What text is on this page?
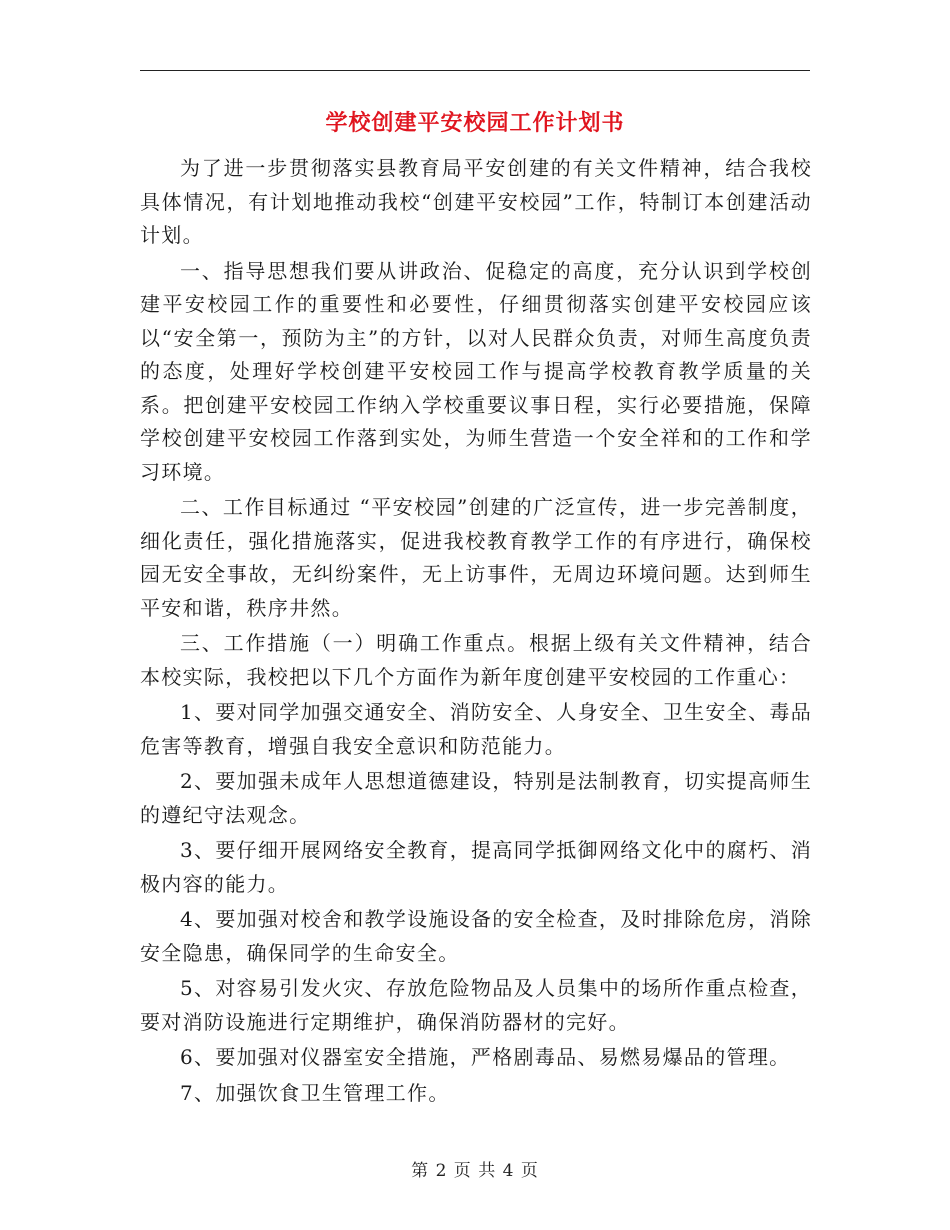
学校创建平安校园工作计划书

为了进一步贯彻落实县教育局平安创建的有关文件精神，结合我校具体情况，有计划地推动我校“创建平安校园”工作，特制订本创建活动计划。

一、指导思想我们要从讲政治、促稳定的高度，充分认识到学校创建平安校园工作的重要性和必要性，仔细贯彻落实创建平安校园应该以“安全第一，预防为主”的方针，以对人民群众负责，对师生高度负责的态度，处理好学校创建平安校园工作与提高学校教育教学质量的关系。把创建平安校园工作纳入学校重要议事日程，实行必要措施，保障学校创建平安校园工作落到实处，为师生营造一个安全祥和的工作和学习环境。

二、工作目标通过 “平安校园”创建的广泛宣传，进一步完善制度，细化责任，强化措施落实，促进我校教育教学工作的有序进行，确保校园无安全事故，无纠纷案件，无上访事件，无周边环境问题。达到师生平安和谐，秩序井然。

三、工作措施（一）明确工作重点。根据上级有关文件精神，结合本校实际，我校把以下几个方面作为新年度创建平安校园的工作重心：

1、要对同学加强交通安全、消防安全、人身安全、卫生安全、毒品危害等教育，增强自我安全意识和防范能力。

2、要加强未成年人思想道德建设，特别是法制教育，切实提高师生的遵纪守法观念。

3、要仔细开展网络安全教育，提高同学抵御网络文化中的腐朽、消极内容的能力。

4、要加强对校舍和教学设施设备的安全检查，及时排除危房，消除安全隐患，确保同学的生命安全。

5、对容易引发火灾、存放危险物品及人员集中的场所作重点检查，要对消防设施进行定期维护，确保消防器材的完好。

6、要加强对仪器室安全措施，严格剧毒品、易燃易爆品的管理。

7、加强饮食卫生管理工作。

第 2 页 共 4 页
